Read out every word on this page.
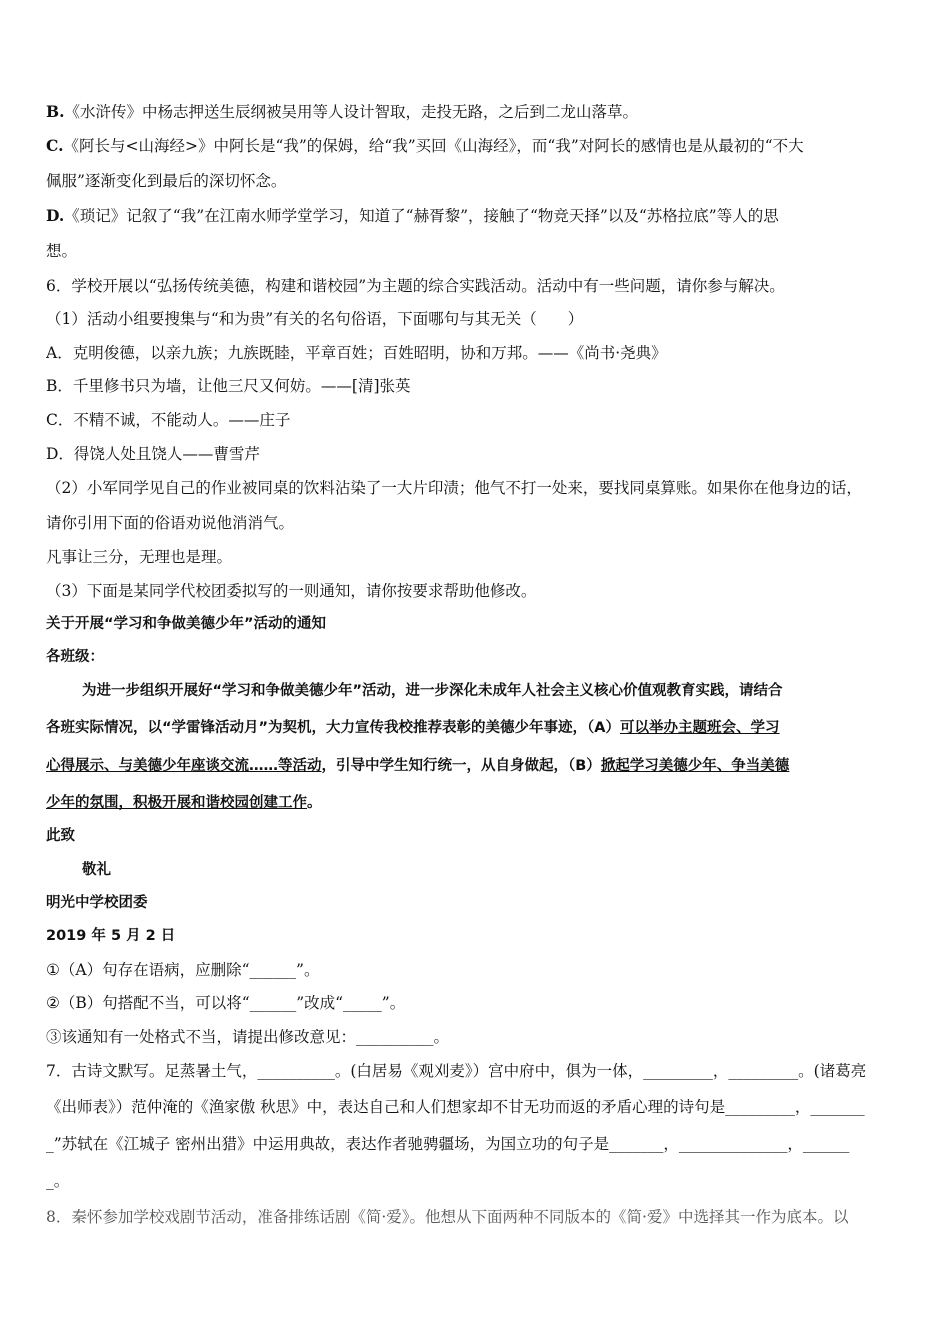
B.《水浒传》中杨志押送生辰纲被吴用等人设计智取，走投无路，之后到二龙山落草。
C.《阿长与<山海经>》中阿长是“我”的保姆，给“我”买回《山海经》，而“我”对阿长的感情也是从最初的“不大
佩服”逐渐变化到最后的深切怀念。
D.《琐记》记叙了“我”在江南水师学堂学习，知道了“赫胥黎”，接触了“物竞天择”以及“苏格拉底”等人的思
想。
6．学校开展以“弘扬传统美德，构建和谐校园”为主题的综合实践活动。活动中有一些问题，请你参与解决。
（1）活动小组要搜集与“和为贵”有关的名句俗语，下面哪句与其无关（　　）
A．克明俊德，以亲九族；九族既睦，平章百姓；百姓昭明，协和万邦。——《尚书·尧典》
B．千里修书只为墙，让他三尺又何妨。——[清]张英
C．不精不诚，不能动人。——庄子
D．得饶人处且饶人——曹雪芹
（2）小军同学见自己的作业被同桌的饮料沾染了一大片印渍；他气不打一处来，要找同桌算账。如果你在他身边的话，
请你引用下面的俗语劝说他消消气。
凡事让三分，无理也是理。
（3）下面是某同学代校团委拟写的一则通知，请你按要求帮助他修改。
关于开展“学习和争做美德少年”活动的通知
各班级：
为进一步组织开展好“学习和争做美德少年”活动，进一步深化未成年人社会主义核心价值观教育实践，请结合
各班实际情况，以“学雷锋活动月”为契机，大力宣传我校推荐表彰的美德少年事迹，（A）可以举办主题班会、学习
心得展示、与美德少年座谈交流……等活动，引导中学生知行统一，从自身做起，（B）掀起学习美德少年、争当美德
少年的氛围，积极开展和谐校园创建工作。
此致
敬礼
明光中学校团委
2019 年 5 月 2 日
①（A）句存在语病，应删除“______”。
②（B）句搭配不当，可以将“______”改成“_____”。
③该通知有一处格式不当，请提出修改意见：__________。
7．古诗文默写。足蒸暑土气，__________。(白居易《观刈麦》）宫中府中，俱为一体，_________，_________。(诸葛亮
《出师表》）范仲淹的《渔家傲 秋思》中，表达自己和人们想家却不甘无功而返的矛盾心理的诗句是_________，_______
_”苏轼在《江城子 密州出猎》中运用典故，表达作者驰骋疆场，为国立功的句子是_______，______________，______
_。
8．秦怀参加学校戏剧节活动，准备排练话剧《简·爱》。他想从下面两种不同版本的《简·爱》中选择其一作为底本。以
